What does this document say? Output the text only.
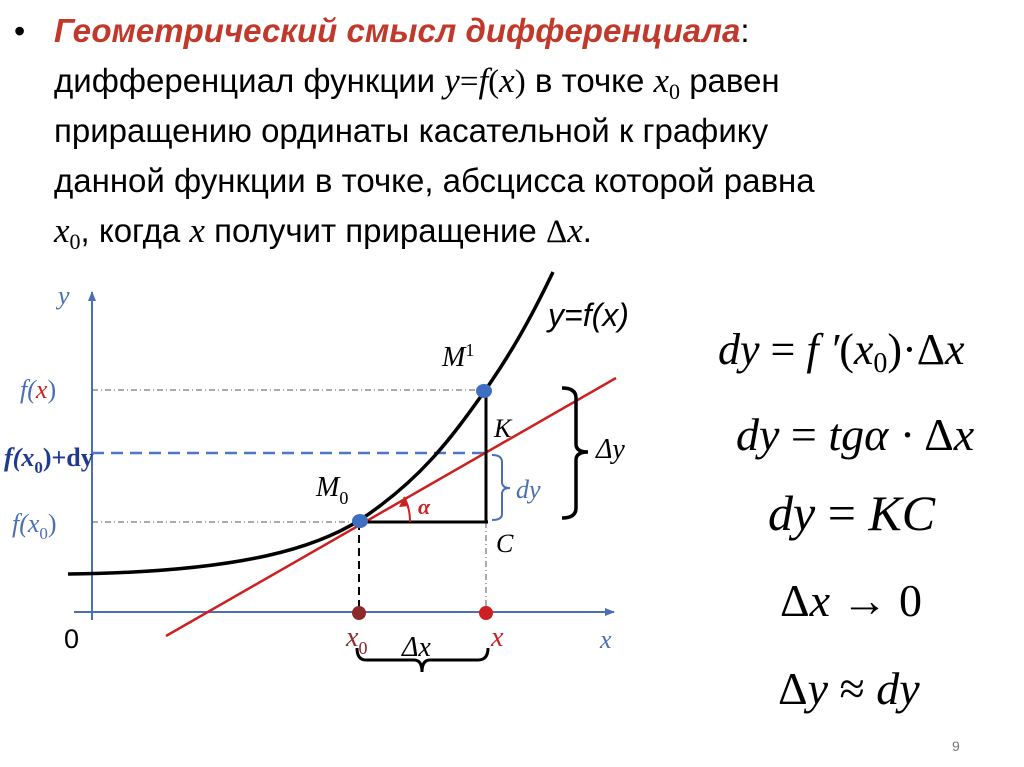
• Геометрический смысл дифференциала:
дифференциал функции y=f(x) в точке $x_0$ равен
приращению ординаты касательной к графику
данной функции в точке, абсцисса которой равна
$x_0$, когда x получит приращение Δx.
y
x
0
y=f(x)
$M^1$
$M_0$
K
C
α
dy
Δy
Δx
$x_0$	x
f(x)
$f(x_0)+dy$
$f(x_0)$
dy = f ′(x0)·Δx
dy = tgα · Δx
dy = KC
Δx → 0
Δy ≈ dy
9
